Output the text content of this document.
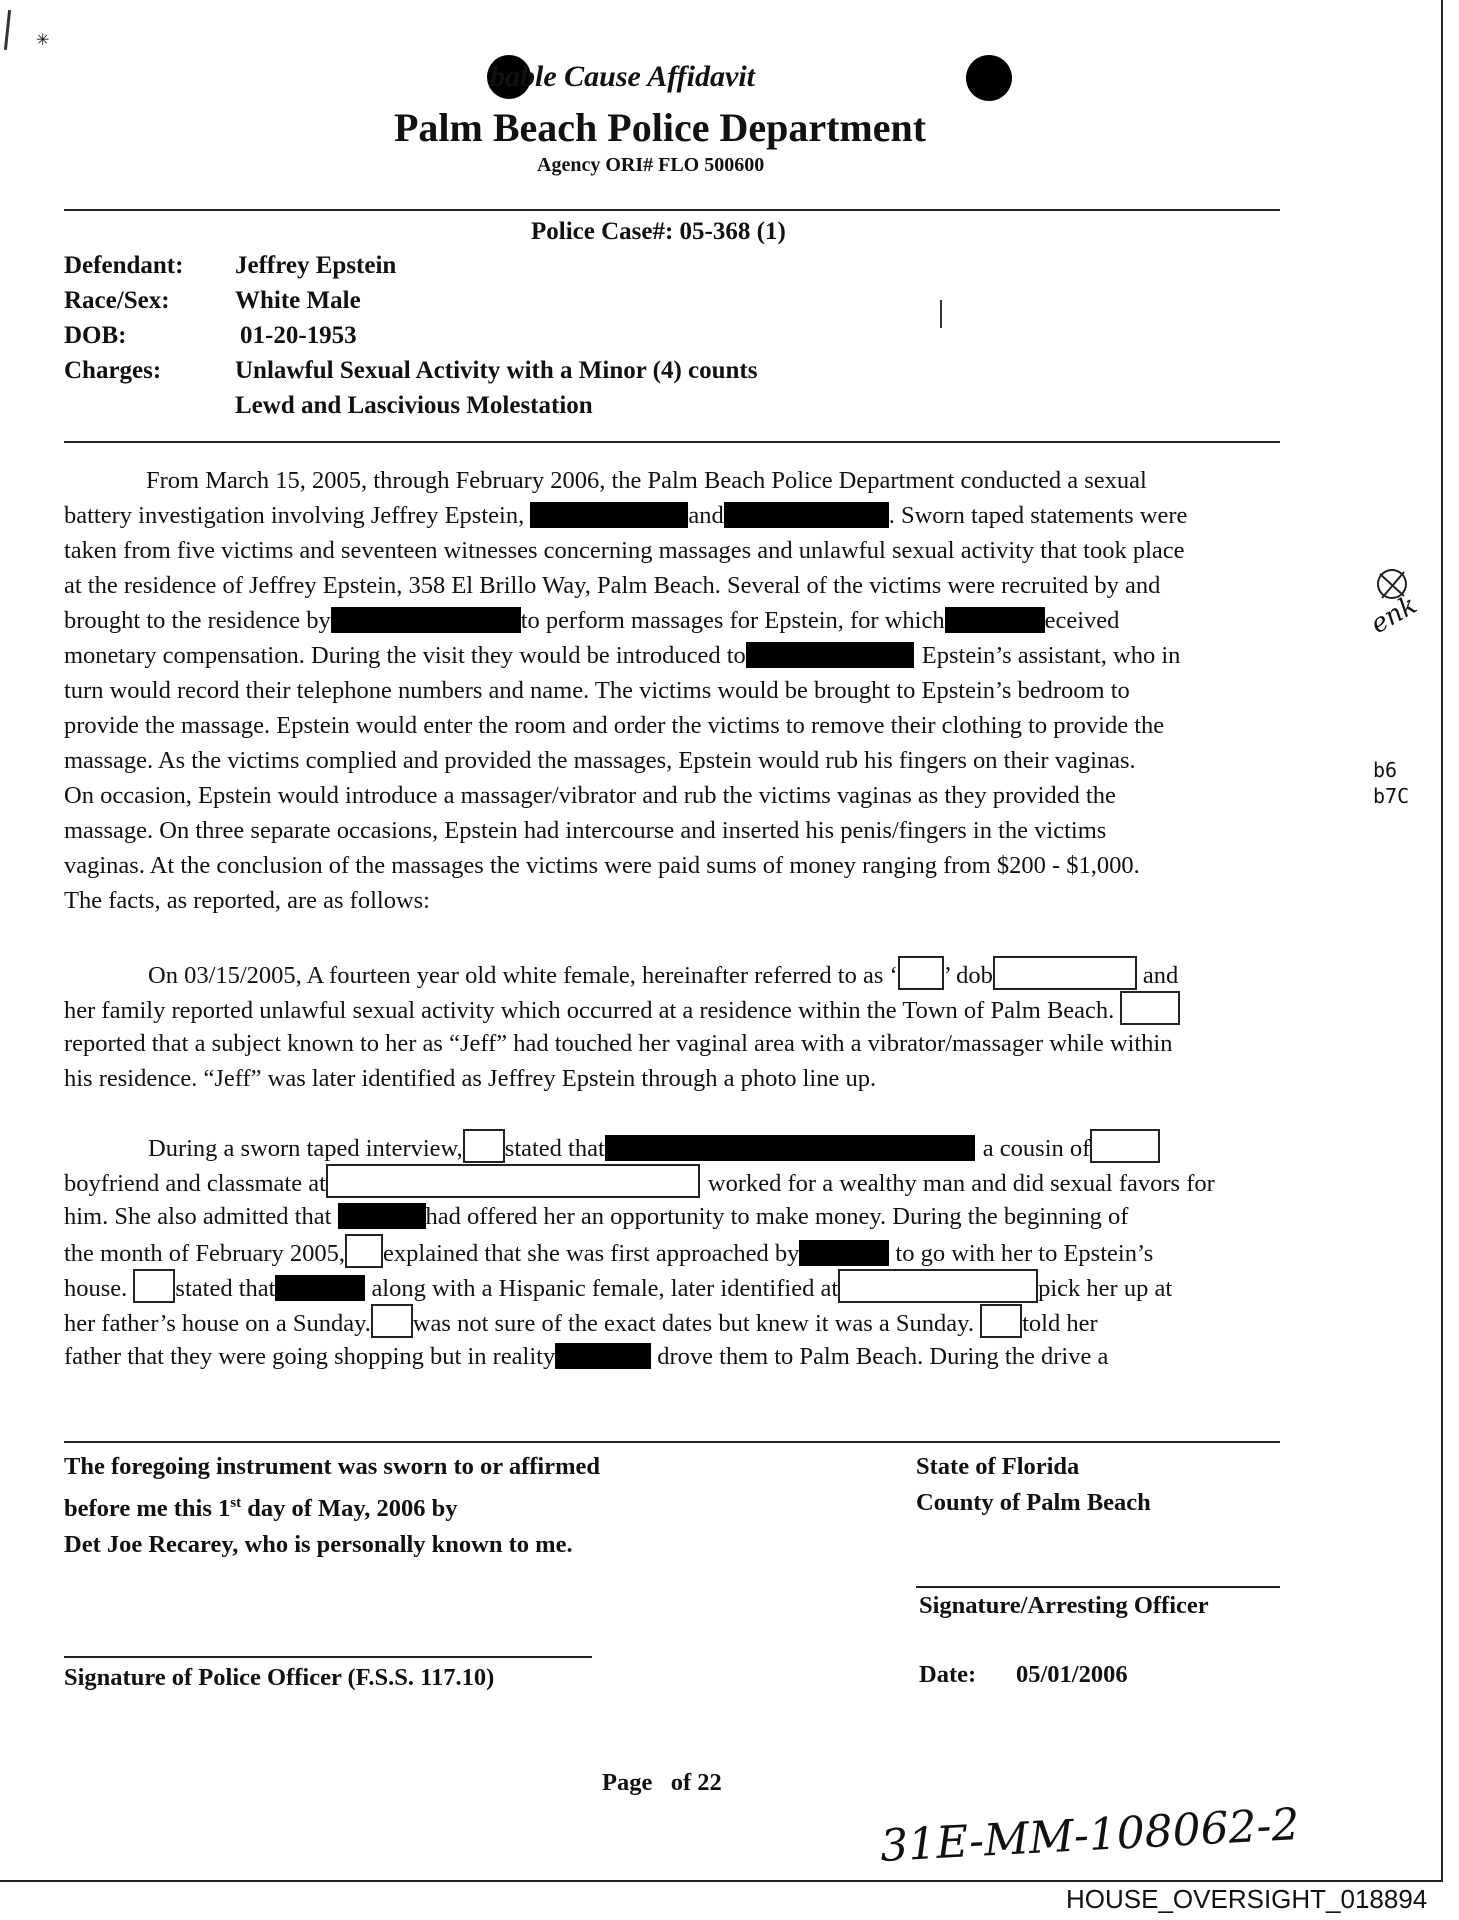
bable Cause Affidavit
Palm Beach Police Department
Agency ORI# FLO 500600
Police Case#: 05-368 (1)
Defendant: Jeffrey Epstein
Race/Sex:	White Male
DOB:	01-20-1953
Charges:	Unlawful Sexual Activity with a Minor (4) counts
Lewd and Lascivious Molestation
From March 15, 2005, through February 2006, the Palm Beach Police Department conducted a sexual
battery investigation involving Jeffrey Epstein,	and	. Sworn taped statements were
taken from five victims and seventeen witnesses concerning massages and unlawful sexual activity that took place
at the residence of Jeffrey Epstein, 358 El Brillo Way, Palm Beach. Several of the victims were recruited by and
brought to the residence by	to perform massages for Epstein, for which	eceived
monetary compensation. During the visit they would be introduced to	Epstein’s assistant, who in
turn would record their telephone numbers and name. The victims would be brought to Epstein’s bedroom to
provide the massage. Epstein would enter the room and order the victims to remove their clothing to provide the
massage. As the victims complied and provided the massages, Epstein would rub his fingers on their vaginas.
On occasion, Epstein would introduce a massager/vibrator and rub the victims vaginas as they provided the
massage. On three separate occasions, Epstein had intercourse and inserted his penis/fingers in the victims
vaginas. At the conclusion of the massages the victims were paid sums of money ranging from $200 - $1,000.
The facts, as reported, are as follows:
On 03/15/2005, A fourteen year old white female, hereinafter referred to as ‘ ’ dob	and
her family reported unlawful sexual activity which occurred at a residence within the Town of Palm Beach.
reported that a subject known to her as “Jeff” had touched her vaginal area with a vibrator/massager while within
his residence. “Jeff” was later identified as Jeffrey Epstein through a photo line up.
During a sworn taped interview, stated that	a cousin of
boyfriend and classmate at	worked for a wealthy man and did sexual favors for
him. She also admitted that	had offered her an opportunity to make money. During the beginning of
the month of February 2005, explained that she was first approached by	to go with her to Epstein’s
house. stated that	along with a Hispanic female, later identified at	pick her up at
her father’s house on a Sunday. was not sure of the exact dates but knew it was a Sunday. told her
father that they were going shopping but in reality	drove them to Palm Beach. During the drive a
The foregoing instrument was sworn to or affirmed
before me this 1st day of May, 2006 by
Det Joe Recarey, who is personally known to me.
State of Florida
County of Palm Beach
Signature/Arresting Officer
Signature of Police Officer (F.S.S. 117.10)	Date: 05/01/2006
Page   of 22
b6
b7C
enk
31E-MM-108062-2
✳
HOUSE_OVERSIGHT_018894
